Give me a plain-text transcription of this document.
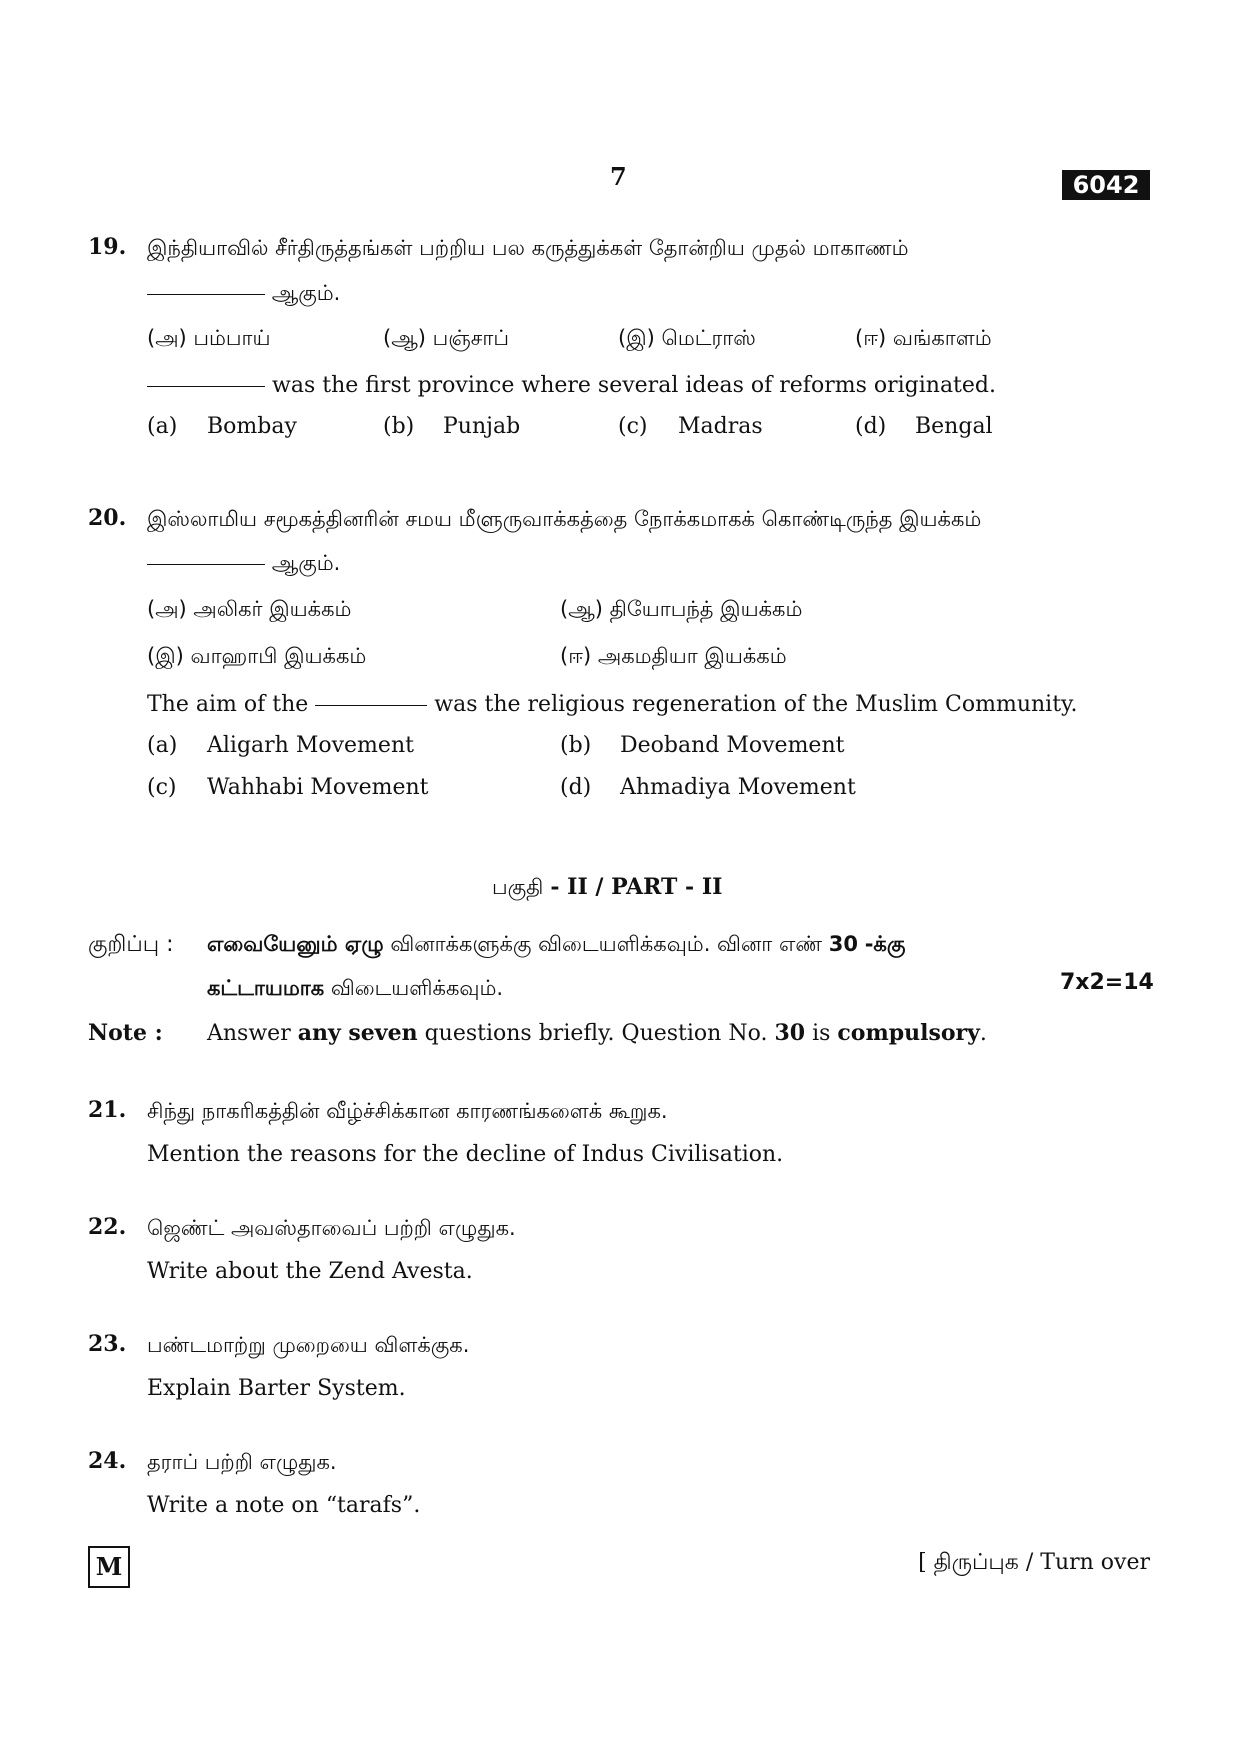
7	6042
19. இந்தியாவில் சீர்திருத்தங்கள் பற்றிய பல கருத்துக்கள் தோன்றிய முதல் மாகாணம்
ஆகும்.
(அ) பம்பாய்	(ஆ) பஞ்சாப்	(இ) மெட்ராஸ்	(ஈ) வங்காளம்
was the first province where several ideas of reforms originated.
(a) Bombay	(b) Punjab	(c) Madras	(d) Bengal
20. இஸ்லாமிய சமூகத்தினரின் சமய மீளுருவாக்கத்தை நோக்கமாகக் கொண்டிருந்த இயக்கம்
ஆகும்.
(அ) அலிகர் இயக்கம்	(ஆ) தியோபந்த் இயக்கம்
(இ) வாஹாபி இயக்கம்	(ஈ) அகமதியா இயக்கம்
The aim of the	was the religious regeneration of the Muslim Community.
(a) Aligarh Movement	(b) Deoband Movement
(c) Wahhabi Movement	(d) Ahmadiya Movement
பகுதி - II / PART - II
குறிப்பு : எவையேனும் ஏழு வினாக்களுக்கு விடையளிக்கவும். வினா எண் 30 -க்கு
கட்டாயமாக விடையளிக்கவும்.	7x2=14
Note : Answer any seven questions briefly. Question No. 30 is compulsory.
21. சிந்து நாகரிகத்தின் வீழ்ச்சிக்கான காரணங்களைக் கூறுக.
Mention the reasons for the decline of Indus Civilisation.
22. ஜெண்ட் அவஸ்தாவைப் பற்றி எழுதுக.
Write about the Zend Avesta.
23. பண்டமாற்று முறையை விளக்குக.
Explain Barter System.
24. தராப் பற்றி எழுதுக.
Write a note on “tarafs”.
M	[ திருப்புக / Turn over
